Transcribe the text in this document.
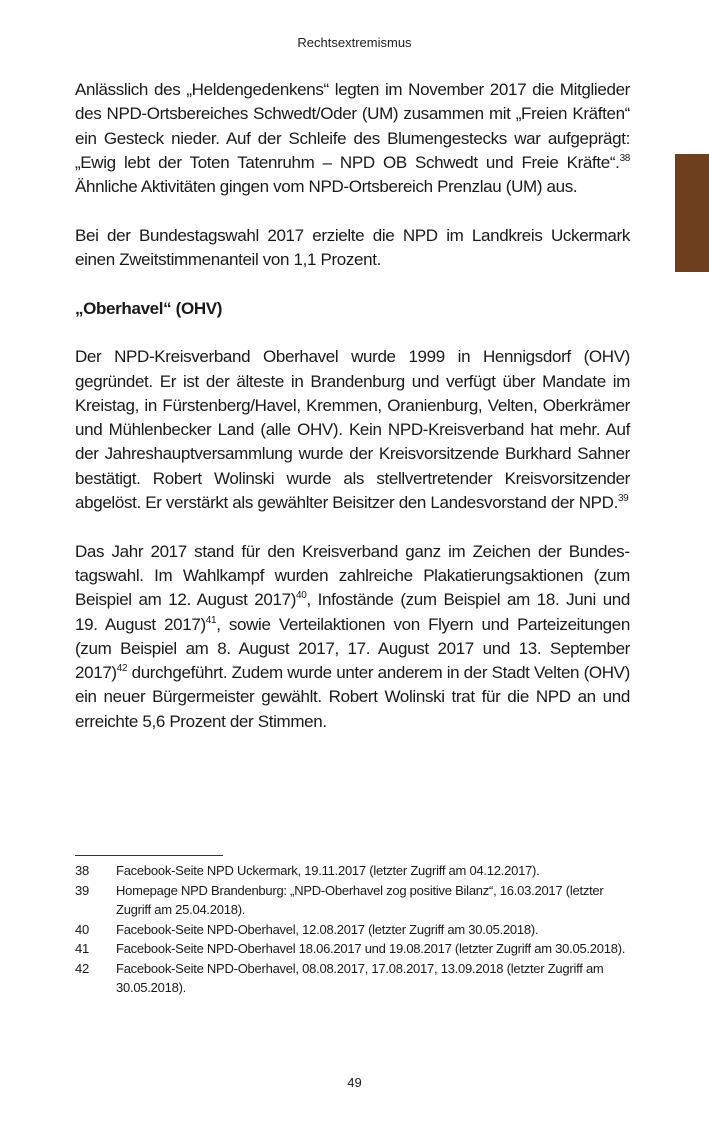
Rechtsextremismus

Anlässlich des „Heldengedenkens“ legten im November 2017 die Mitglieder des NPD-Ortsbereiches Schwedt/Oder (UM) zusammen mit „Freien Kräften“ ein Gesteck nieder. Auf der Schleife des Blumengestecks war aufgeprägt: „Ewig lebt der Toten Tatenruhm – NPD OB Schwedt und Freie Kräfte“.$^{38}$ Ähnliche Aktivitäten gingen vom NPD-Ortsbereich Prenzlau (UM) aus.

Bei der Bundestagswahl 2017 erzielte die NPD im Landkreis Uckermark einen Zweitstimmenanteil von 1,1 Prozent.

„Oberhavel“ (OHV)

Der NPD-Kreisverband Oberhavel wurde 1999 in Hennigsdorf (OHV) gegründet. Er ist der älteste in Brandenburg und verfügt über Mandate im Kreistag, in Fürstenberg/Havel, Kremmen, Oranienburg, Velten, Oberkrämer und Mühlenbecker Land (alle OHV). Kein NPD-Kreisverband hat mehr. Auf der Jahreshauptversammlung wurde der Kreisvorsitzende Burkhard Sahner bestätigt. Robert Wolinski wurde als stellvertretender Kreisvorsitzender abgelöst. Er verstärkt als gewählter Beisitzer den Landesvorstand der NPD.$^{39}$

Das Jahr 2017 stand für den Kreisverband ganz im Zeichen der Bundestagswahl. Im Wahlkampf wurden zahlreiche Plakatierungsaktionen (zum Beispiel am 12. August 2017)$^{40}$, Infostände (zum Beispiel am 18. Juni und 19. August 2017)$^{41}$, sowie Verteilaktionen von Flyern und Parteizeitungen (zum Beispiel am 8. August 2017, 17. August 2017 und 13. September 2017)$^{42}$ durchgeführt. Zudem wurde unter anderem in der Stadt Velten (OHV) ein neuer Bürgermeister gewählt. Robert Wolinski trat für die NPD an und erreichte 5,6 Prozent der Stimmen.

38	Facebook-Seite NPD Uckermark, 19.11.2017 (letzter Zugriff am 04.12.2017).
39	Homepage NPD Brandenburg: „NPD-Oberhavel zog positive Bilanz“, 16.03.2017 (letzter Zugriff am 25.04.2018).
40	Facebook-Seite NPD-Oberhavel, 12.08.2017 (letzter Zugriff am 30.05.2018).
41	Facebook-Seite NPD-Oberhavel 18.06.2017 und 19.08.2017 (letzter Zugriff am 30.05.2018).
42	Facebook-Seite NPD-Oberhavel, 08.08.2017, 17.08.2017, 13.09.2018 (letzter Zugriff am 30.05.2018).
49
